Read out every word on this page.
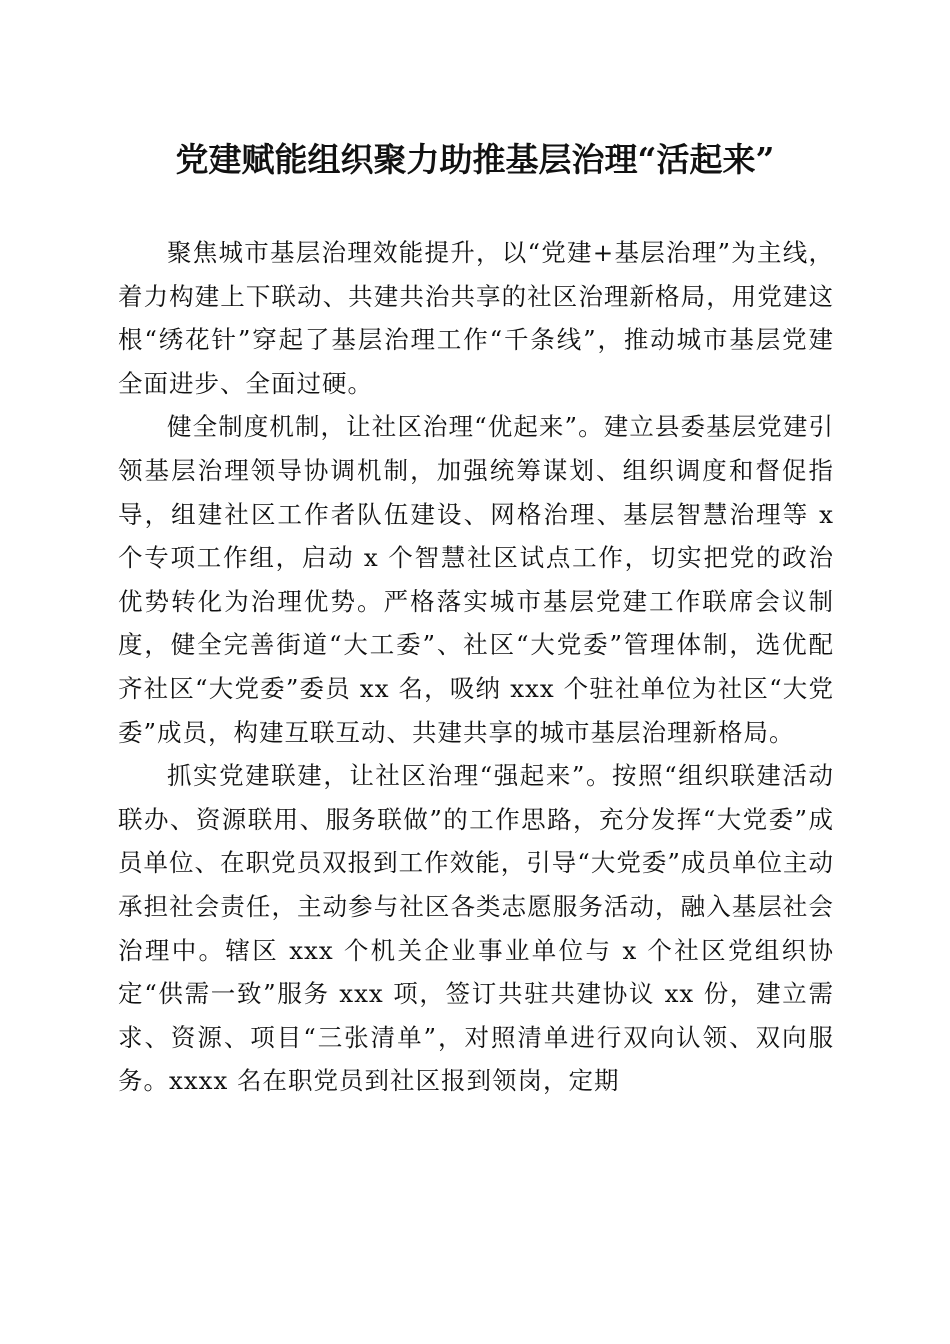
党建赋能组织聚力助推基层治理“活起来”

聚焦城市基层治理效能提升，以“党建+基层治理”为主线，着力构建上下联动、共建共治共享的社区治理新格局，用党建这根“绣花针”穿起了基层治理工作“千条线”，推动城市基层党建全面进步、全面过硬。

健全制度机制，让社区治理“优起来”。建立县委基层党建引领基层治理领导协调机制，加强统筹谋划、组织调度和督促指导，组建社区工作者队伍建设、网格治理、基层智慧治理等 x 个专项工作组，启动 x 个智慧社区试点工作，切实把党的政治优势转化为治理优势。严格落实城市基层党建工作联席会议制度，健全完善街道“大工委”、社区“大党委”管理体制，选优配齐社区“大党委”委员 xx 名，吸纳 xxx 个驻社单位为社区“大党委”成员，构建互联互动、共建共享的城市基层治理新格局。

抓实党建联建，让社区治理“强起来”。按照“组织联建活动联办、资源联用、服务联做”的工作思路，充分发挥“大党委”成员单位、在职党员双报到工作效能，引导“大党委”成员单位主动承担社会责任，主动参与社区各类志愿服务活动，融入基层社会治理中。辖区 xxx 个机关企业事业单位与 x 个社区党组织协定“供需一致”服务 xxx 项，签订共驻共建协议 xx 份，建立需求、资源、项目“三张清单”，对照清单进行双向认领、双向服务。xxxx 名在职党员到社区报到领岗，定期
